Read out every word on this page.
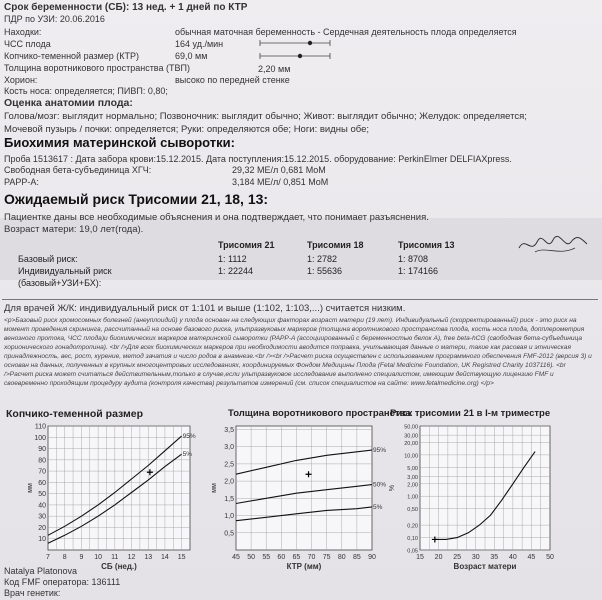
Срок беременности (СБ): 13 нед. + 1 дней по КТР
ПДР по УЗИ: 20.06.2016
Находки:	обычная маточная беременность - Сердечная деятельность плода определяется
ЧСС плода	164 уд./мин
Копчико-теменной размер (КТР)	69,0 мм
Толщина воротникового пространства (ТВП)	2,20 мм
Хорион:	высоко по передней стенке
Кость носа: определяется; ПИВП: 0,80;
Оценка анатомии плода:
Голова/мозг: выглядит нормально; Позвоночник: выглядит обычно; Живот: выглядит обычно; Желудок: определяется;
Мочевой пузырь / почки: определяется; Руки: определяются обе; Ноги: видны обе;
Биохимия материнской сыворотки:
Проба 1513617 : Дата забора крови:15.12.2015. Дата поступления:15.12.2015. оборудование: PerkinElmer DELFIAXpress.
Свободная бета-субъединица ХГЧ:	29,32 МЕ/л 0,681 MoM
PAPP-A:	3,184 МЕ/л/ 0,851 MoM
Ожидаемый риск Трисомии 21, 18, 13:
Пациентке даны все необходимые объяснения и она подтверждает, что понимает разъяснения.
Возраст матери: 19,0 лет(года).
Трисомия 21	Трисомия 18	Трисомия 13
Базовый риск:	1: 1112	1: 2782	1: 8708
Индивидуальный риск	1: 22244	1: 55636	1: 174166
(базовый+УЗИ+БХ):
Для врачей Ж/К: индивидуальный риск от 1:101 и выше (1:102, 1:103,...) считается низким.
<p>Базовый риск хромосомных болезней (анеуплоидий) у плода основан на следующих факторах возраст матери (19 лет). Индивидуальный (скорректированный) риск - это риск на момент проведения скрининга, рассчитанный на основе базового риска, ультразвуковых маркеров (толщина воротникового пространства плода, кость носа плода, допплерометрия венозного протока, ЧСС плода)и биохимических маркеров материнской сыворотки (PAPP-A (ассоциированный с беременностью белок А), free beta-hCG (свободная бета-субъединица хорионического гонадотропина). <br />Для всех биохимических маркеров при необходимости вводится поправка, учитывающая данные о матери, такие как расовая и этническая принадлежность, вес, рост, курение, метод зачатия и число родов в анамнезе.<br /><br />Расчет риска осуществлен с использованием программного обеспечения FMF-2012 (версия 3) и основан на данных, полученных в крупных многоцентровых исследованиях, координируемых Фондом Медицины Плода (Fetal Medicine Foundation, UK Registred Charity 1037116). <br />Расчет риска может считаться действительным,только в случае,если ультразвуковое исследование выполнено специалистом, имеющим действующую лицензию FMF и своевременно проходящим процедуру аудита (контроля качества) результатов измерений (см. список специалистов на сайте: www.fetalmedicine.org) </p>
Копчико-теменной размер	Толщина воротникового пространства
Риск трисомии 21 в I-м триместре
7 8 9 10 11 12 13 14 15
10
20
30
40
50
60
70
80
90
100
110
СБ (нед.)
мм
95%
5%
45 50 55 60 65 70 75 80 85 90
0,5
1,0
1,5
2,0
2,5
3,0
3,5
КТР (мм)
мм
95%
50%
5%
15 20 25 30 35 40 45 50
0,05
0,10
0,20
0,50
1,00
2,00
3,00
5,00
10,00
20,00
30,00
50,00
Возраст матери
%
Natalya Platonova
Код FMF оператора: 136111
Врач генетик:
